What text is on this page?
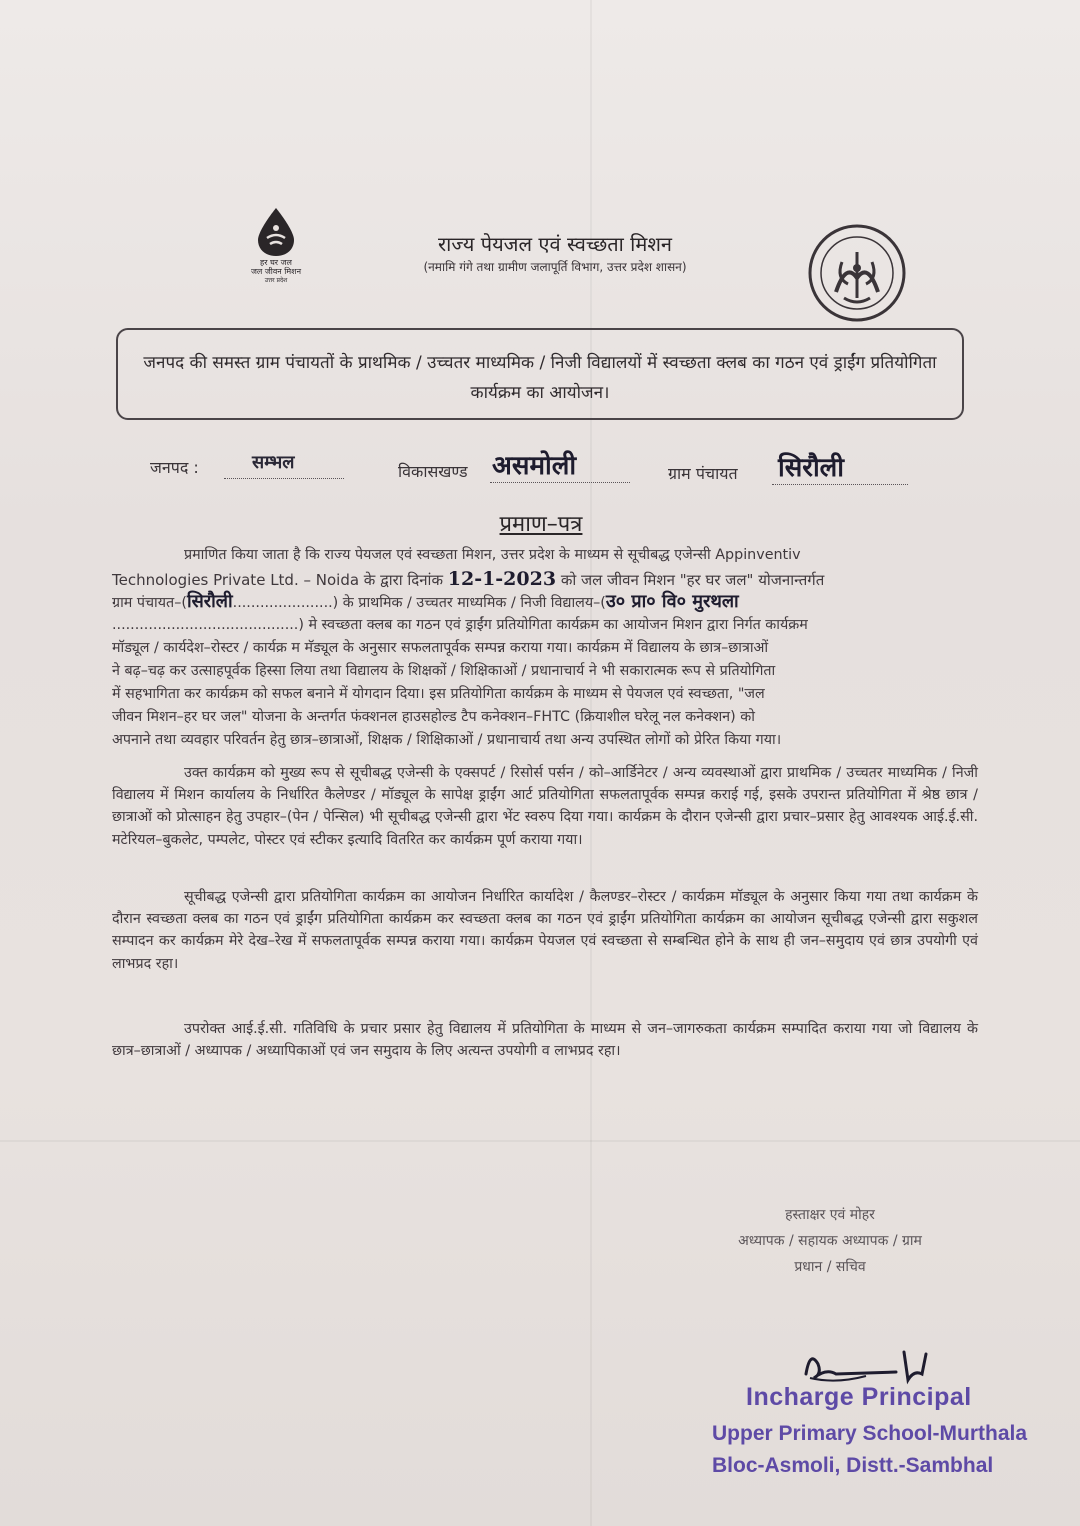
हर घर जल
जल जीवन मिशन
उत्तर प्रदेश
राज्य पेयजल एवं स्वच्छता मिशन
(नमामि गंगे तथा ग्रामीण जलापूर्ति विभाग, उत्तर प्रदेश शासन)
जनपद की समस्त ग्राम पंचायतों के प्राथमिक / उच्चतर माध्यमिक / निजी विद्यालयों में स्वच्छता क्लब का गठन एवं ड्राईंग प्रतियोगिता कार्यक्रम का आयोजन।
जनपद :	सम्भल	विकासखण्ड असमोली	ग्राम पंचायत सिरौली
प्रमाण–पत्र
प्रमाणित किया जाता है कि राज्य पेयजल एवं स्वच्छता मिशन, उत्तर प्रदेश के माध्यम से सूचीबद्ध एजेन्सी Appinventiv
Technologies Private Ltd. – Noida के द्वारा दिनांक 12-1-2023 को जल जीवन मिशन "हर घर जल" योजनान्तर्गत
ग्राम पंचायत–(सिरौली......................) के प्राथमिक / उच्चतर माध्यमिक / निजी विद्यालय–(उ० प्रा० वि० मुरथला
.........................................) मे स्वच्छता क्लब का गठन एवं ड्राईंग प्रतियोगिता कार्यक्रम का आयोजन मिशन द्वारा निर्गत कार्यक्रम
मॉड्यूल / कार्यदेश–रोस्टर / कार्यक्र म मॅड्यूल के अनुसार सफलतापूर्वक सम्पन्न कराया गया। कार्यक्रम में विद्यालय के छात्र–छात्राओं
ने बढ़–चढ़ कर उत्साहपूर्वक हिस्सा लिया तथा विद्यालय के शिक्षकों / शिक्षिकाओं / प्रधानाचार्य ने भी सकारात्मक रूप से प्रतियोगिता
में सहभागिता कर कार्यक्रम को सफल बनाने में योगदान दिया। इस प्रतियोगिता कार्यक्रम के माध्यम से पेयजल एवं स्वच्छता, "जल
जीवन मिशन–हर घर जल" योजना के अन्तर्गत फंक्शनल हाउसहोल्ड टैप कनेक्शन–FHTC (क्रियाशील घरेलू नल कनेक्शन) को
अपनाने तथा व्यवहार परिवर्तन हेतु छात्र–छात्राओं, शिक्षक / शिक्षिकाओं / प्रधानाचार्य तथा अन्य उपस्थित लोगों को प्रेरित किया गया।
उक्त कार्यक्रम को मुख्य रूप से सूचीबद्ध एजेन्सी के एक्सपर्ट / रिसोर्स पर्सन / को–आर्डिनेटर / अन्य व्यवस्थाओं द्वारा प्राथमिक / उच्चतर माध्यमिक / निजी विद्यालय में मिशन कार्यालय के निर्धारित कैलेण्डर / मॉड्यूल के सापेक्ष ड्राईंग आर्ट प्रतियोगिता सफलतापूर्वक सम्पन्न कराई गई, इसके उपरान्त प्रतियोगिता में श्रेष्ठ छात्र / छात्राओं को प्रोत्साहन हेतु उपहार–(पेन / पेन्सिल) भी सूचीबद्ध एजेन्सी द्वारा भेंट स्वरुप दिया गया। कार्यक्रम के दौरान एजेन्सी द्वारा प्रचार–प्रसार हेतु आवश्यक आई.ई.सी. मटेरियल–बुकलेट, पम्पलेट, पोस्टर एवं स्टीकर इत्यादि वितरित कर कार्यक्रम पूर्ण कराया गया।
सूचीबद्ध एजेन्सी द्वारा प्रतियोगिता कार्यक्रम का आयोजन निर्धारित कार्यादेश / कैलण्डर–रोस्टर / कार्यक्रम मॉड्यूल के अनुसार किया गया तथा कार्यक्रम के दौरान स्वच्छता क्लब का गठन एवं ड्राईंग प्रतियोगिता कार्यक्रम कर स्वच्छता क्लब का गठन एवं ड्राईंग प्रतियोगिता कार्यक्रम का आयोजन सूचीबद्ध एजेन्सी द्वारा सकुशल सम्पादन कर कार्यक्रम मेरे देख–रेख में सफलतापूर्वक सम्पन्न कराया गया। कार्यक्रम पेयजल एवं स्वच्छता से सम्बन्धित होने के साथ ही जन–समुदाय एवं छात्र उपयोगी एवं लाभप्रद रहा।
उपरोक्त आई.ई.सी. गतिविधि के प्रचार प्रसार हेतु विद्यालय में प्रतियोगिता के माध्यम से जन–जागरुकता कार्यक्रम सम्पादित कराया गया जो विद्यालय के छात्र–छात्राओं / अध्यापक / अध्यापिकाओं एवं जन समुदाय के लिए अत्यन्त उपयोगी व लाभप्रद रहा।
हस्ताक्षर एवं मोहर
अध्यापक / सहायक अध्यापक / ग्राम
प्रधान / सचिव
Incharge Principal
Upper Primary School-Murthala
Bloc-Asmoli, Distt.-Sambhal
